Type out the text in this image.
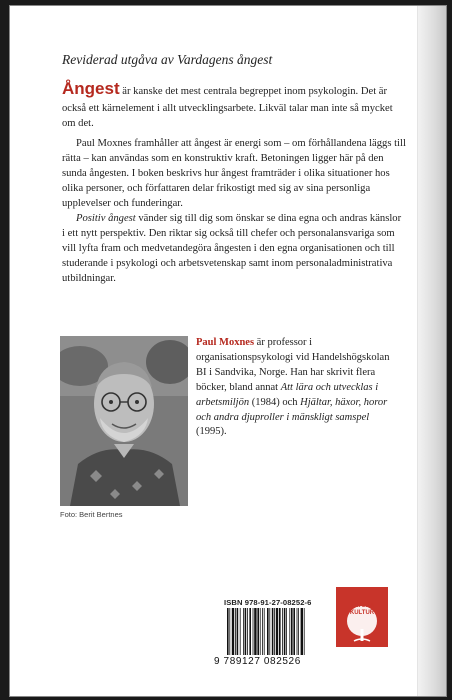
Reviderad utgåva av Vardagens ångest

Ångest är kanske det mest centrala begreppet inom psykologin. Det är också ett kärnelement i allt utvecklingsarbete. Likväl talar man inte så mycket om det.

Paul Moxnes framhåller att ångest är energi som – om förhållandena läggs till rätta – kan användas som en konstruktiv kraft. Betoningen ligger här på den sunda ångesten. I boken beskrivs hur ångest framträder i olika situationer hos olika personer, och författaren delar frikostigt med sig av sina personliga upplevelser och funderingar.

Positiv ångest vänder sig till dig som önskar se dina egna och andras känslor i ett nytt perspektiv. Den riktar sig också till chefer och personalansvariga som vill lyfta fram och medvetandegöra ångesten i den egna organisationen och till studerande i psykologi och arbetsvetenskap samt inom personaladministrativa utbildningar.

Foto: Berit Bertnes
Paul Moxnes är professor i organisationspsykologi vid Handelshögskolan BI i Sandvika, Norge. Han har skrivit flera böcker, bland annat Att lära och utvecklas i arbetsmiljön (1984) och Hjältar, häxor, horor och andra djuproller i mänskligt samspel (1995).
ISBN 978-91-27-08252-6
9 789127 082526
NATUR&
KULTUR
